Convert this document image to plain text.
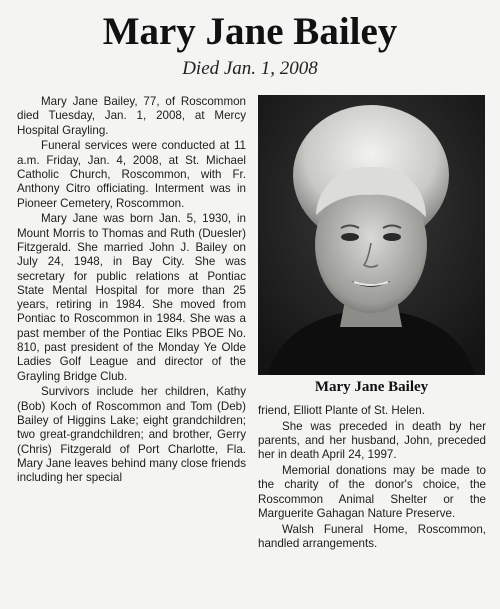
Mary Jane Bailey
Died Jan. 1, 2008

Mary Jane Bailey, 77, of Roscommon died Tuesday, Jan. 1, 2008, at Mercy Hospital Grayling.

Funeral services were conducted at 11 a.m. Friday, Jan. 4, 2008, at St. Michael Catholic Church, Roscommon, with Fr. Anthony Citro officiating. Interment was in Pioneer Cemetery, Roscommon.

Mary Jane was born Jan. 5, 1930, in Mount Morris to Thomas and Ruth (Duesler) Fitzgerald. She married John J. Bailey on July 24, 1948, in Bay City. She was secretary for public relations at Pontiac State Mental Hospital for more than 25 years, retiring in 1984. She moved from Pontiac to Roscommon in 1984. She was a past member of the Pontiac Elks PBOE No. 810, past president of the Monday Ye Olde Ladies Golf League and director of the Grayling Bridge Club.

Survivors include her children, Kathy (Bob) Koch of Roscommon and Tom (Deb) Bailey of Higgins Lake; eight grandchildren; two great-grandchildren; and brother, Gerry (Chris) Fitzgerald of Port Charlotte, Fla. Mary Jane leaves behind many close friends including her special

Mary Jane Bailey

friend, Elliott Plante of St. Helen.

She was preceded in death by her parents, and her husband, John, preceded her in death April 24, 1997.

Memorial donations may be made to the charity of the donor's choice, the Roscommon Animal Shelter or the Marguerite Gahagan Nature Preserve.

Walsh Funeral Home, Roscommon, handled arrangements.
